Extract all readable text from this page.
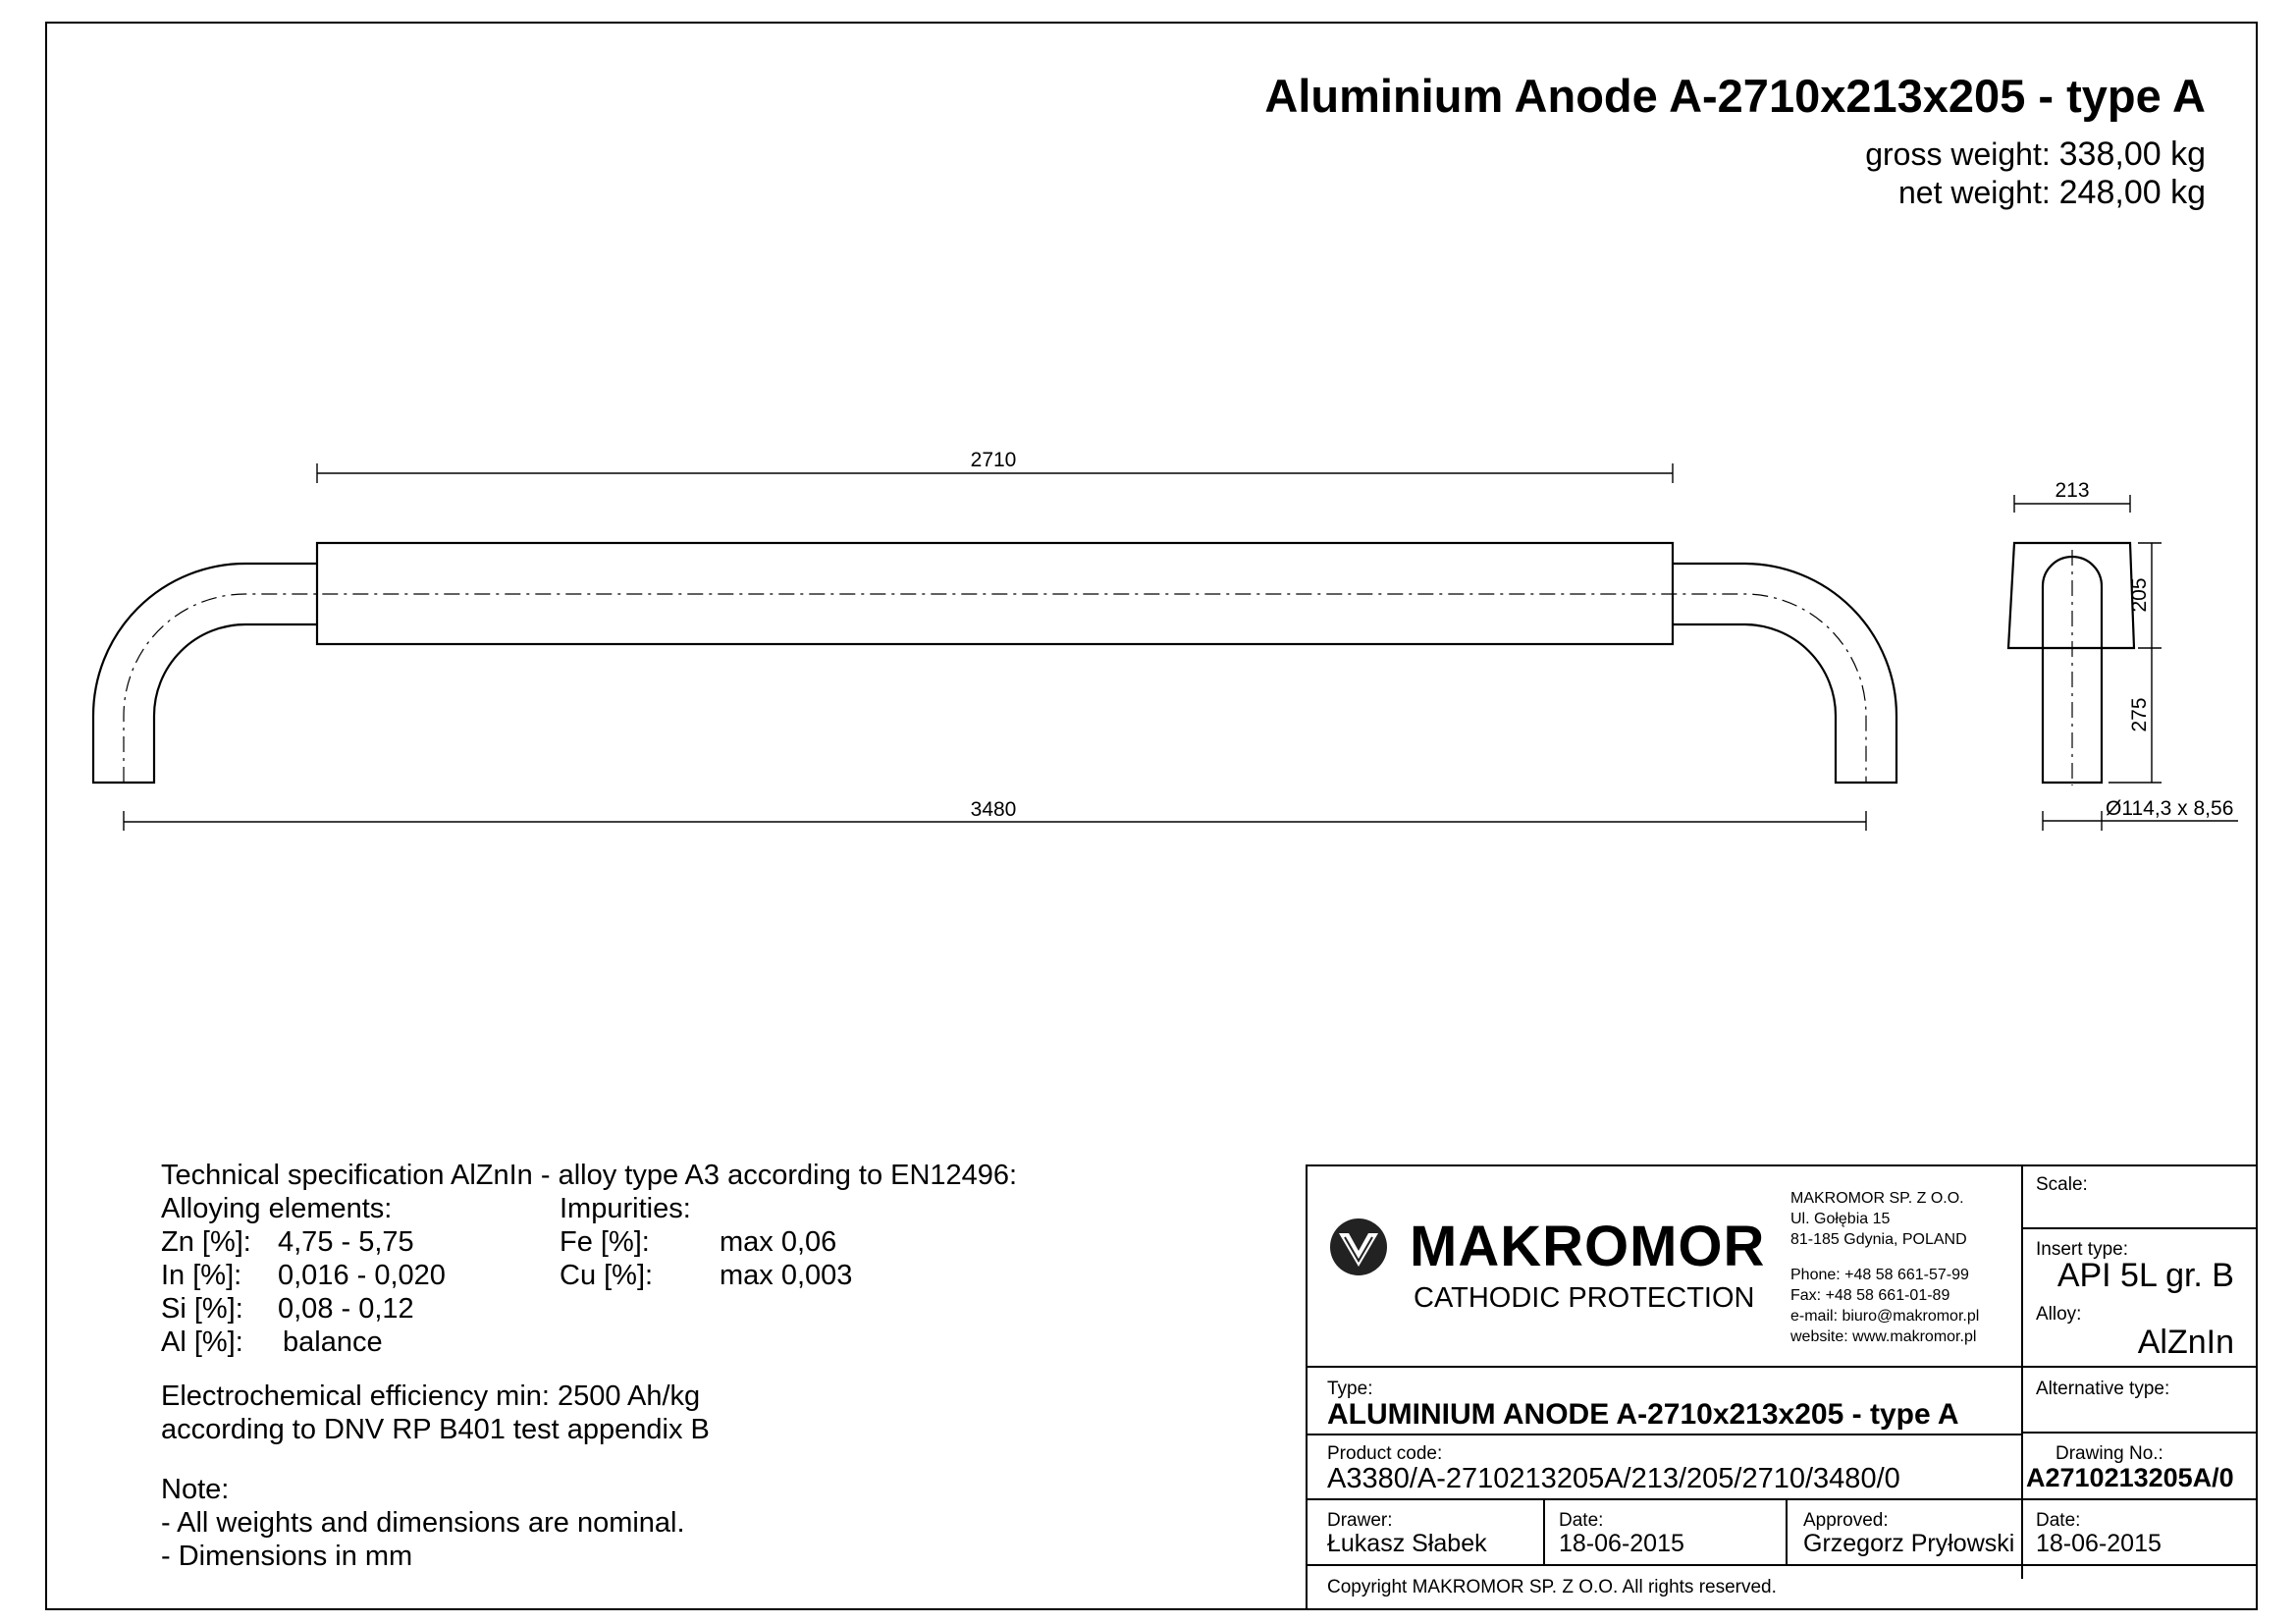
Aluminium Anode A-2710x213x205 - type A
gross weight: 338,00 kg
net weight: 248,00 kg
2710
3480
213
205
275
Ø114,3 x 8,56
Technical specification AlZnIn - alloy type A3 according to EN12496:
Alloying elements:	Impurities:
Zn [%]: 4,75 - 5,75
In [%]: 0,016 - 0,020
Si [%]: 0,08 - 0,12
Al [%]: balance
Fe [%]: max 0,06
Cu [%]: max 0,003
Electrochemical efficiency min: 2500 Ah/kg
according to DNV RP B401 test appendix B
Note:
- All weights and dimensions are nominal.
- Dimensions in mm
MAKROMOR
CATHODIC PROTECTION
MAKROMOR SP. Z O.O.
Ul. Gołębia 15
81-185 Gdynia, POLAND
Phone: +48 58 661-57-99
Fax: +48 58 661-01-89
e-mail: biuro@makromor.pl
website: www.makromor.pl
Scale:
Insert type:
API 5L gr. B
Alloy:
AlZnIn
Type:
ALUMINIUM ANODE A-2710x213x205 - type A
Alternative type:
Product code:
A3380/A-2710213205A/213/205/2710/3480/0
Drawing No.:
A2710213205A/0
Drawer:
Łukasz Słabek
Date:
18-06-2015
Approved:
Grzegorz Pryłowski
Date:
18-06-2015
Copyright MAKROMOR SP. Z O.O. All rights reserved.
